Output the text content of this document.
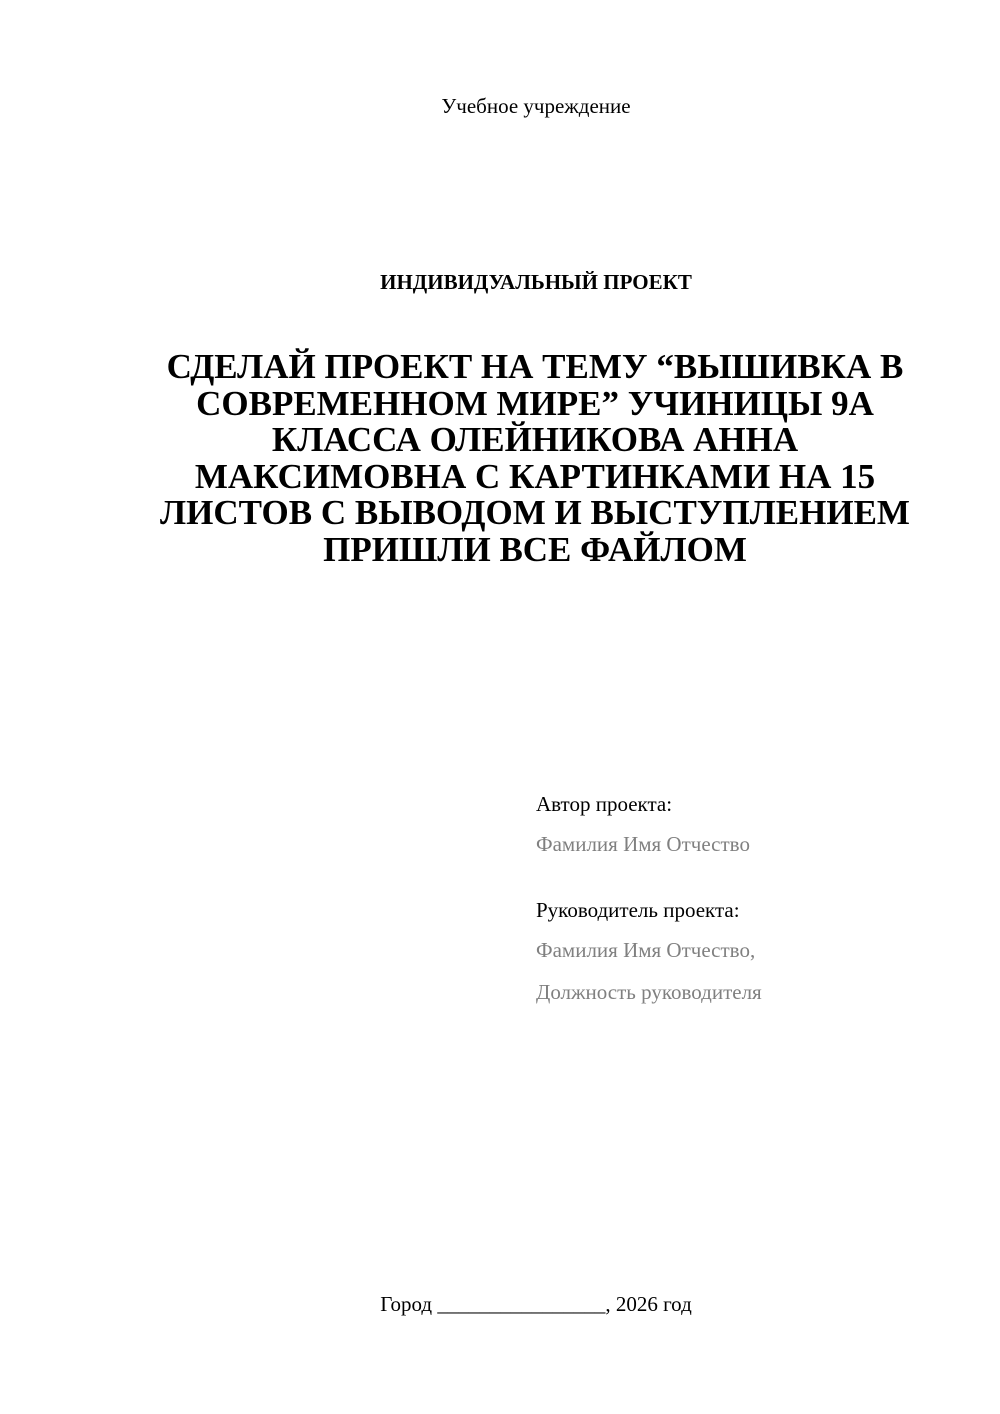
Учебное учреждение
ИНДИВИДУАЛЬНЫЙ ПРОЕКТ
СДЕЛАЙ ПРОЕКТ НА ТЕМУ “ВЫШИВКА В СОВРЕМЕННОМ МИРЕ” УЧИНИЦЫ 9А КЛАССА ОЛЕЙНИКОВА АННА МАКСИМОВНА С КАРТИНКАМИ НА 15 ЛИСТОВ С ВЫВОДОМ И ВЫСТУПЛЕНИЕМ ПРИШЛИ ВСЕ ФАЙЛОМ
Автор проекта:
Фамилия Имя Отчество
Руководитель проекта:
Фамилия Имя Отчество,
Должность руководителя
Город ________________, 2026 год
